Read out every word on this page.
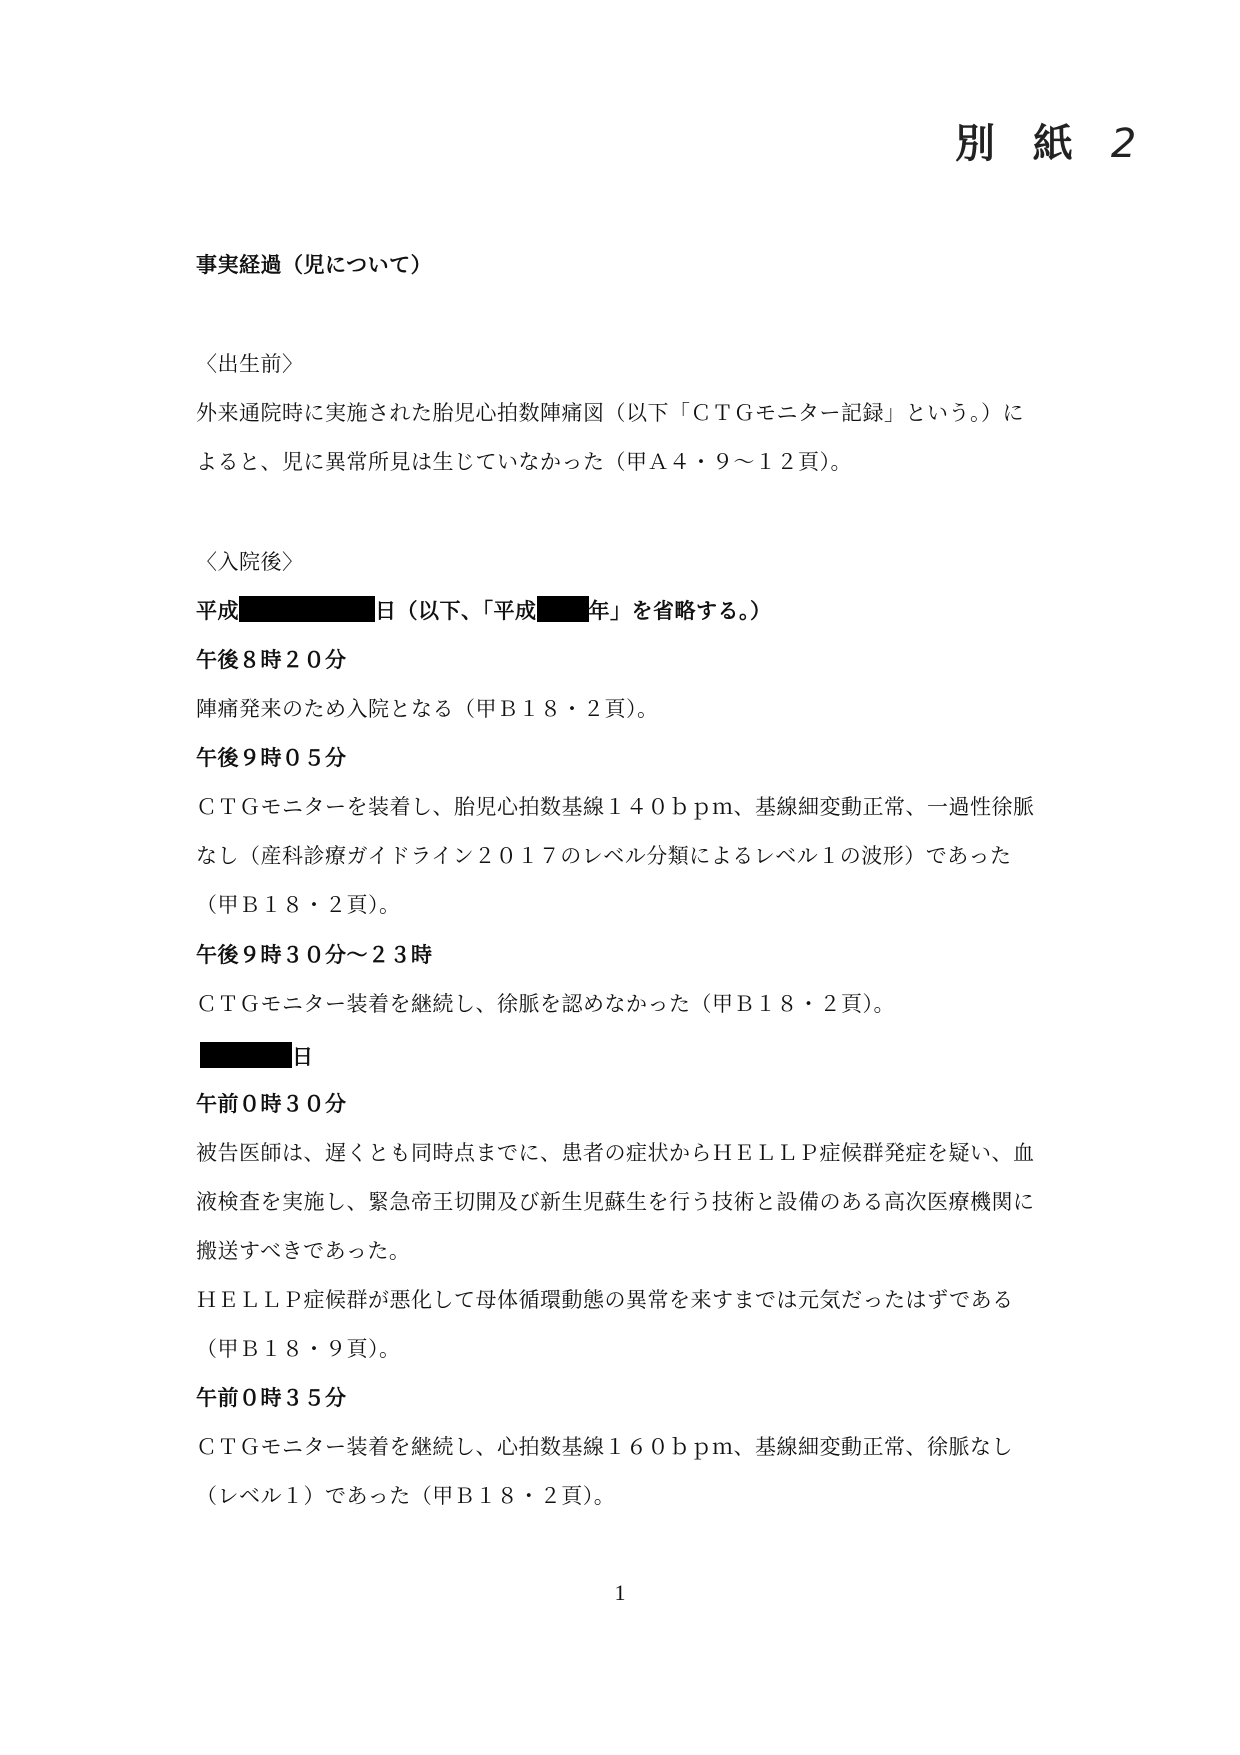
別 紙 2
事実経過（児について）
〈出生前〉
外来通院時に実施された胎児心拍数陣痛図（以下「ＣＴＧモニター記録」という。）に
よると、児に異常所見は生じていなかった（甲Ａ４・９～１２頁）。
〈入院後〉
平成	日（以下、「平成 年」を省略する。）
午後８時２０分
陣痛発来のため入院となる（甲Ｂ１８・２頁）。
午後９時０５分
ＣＴＧモニターを装着し、胎児心拍数基線１４０ｂｐｍ、基線細変動正常、一過性徐脈
なし（産科診療ガイドライン２０１７のレベル分類によるレベル１の波形）であった
（甲Ｂ１８・２頁）。
午後９時３０分～２３時
ＣＴＧモニター装着を継続し、徐脈を認めなかった（甲Ｂ１８・２頁）。
日
午前０時３０分
被告医師は、遅くとも同時点までに、患者の症状からＨＥＬＬＰ症候群発症を疑い、血
液検査を実施し、緊急帝王切開及び新生児蘇生を行う技術と設備のある高次医療機関に
搬送すべきであった。
ＨＥＬＬＰ症候群が悪化して母体循環動態の異常を来すまでは元気だったはずである
（甲Ｂ１８・９頁）。
午前０時３５分
ＣＴＧモニター装着を継続し、心拍数基線１６０ｂｐｍ、基線細変動正常、徐脈なし
（レベル１）であった（甲Ｂ１８・２頁）。
1
